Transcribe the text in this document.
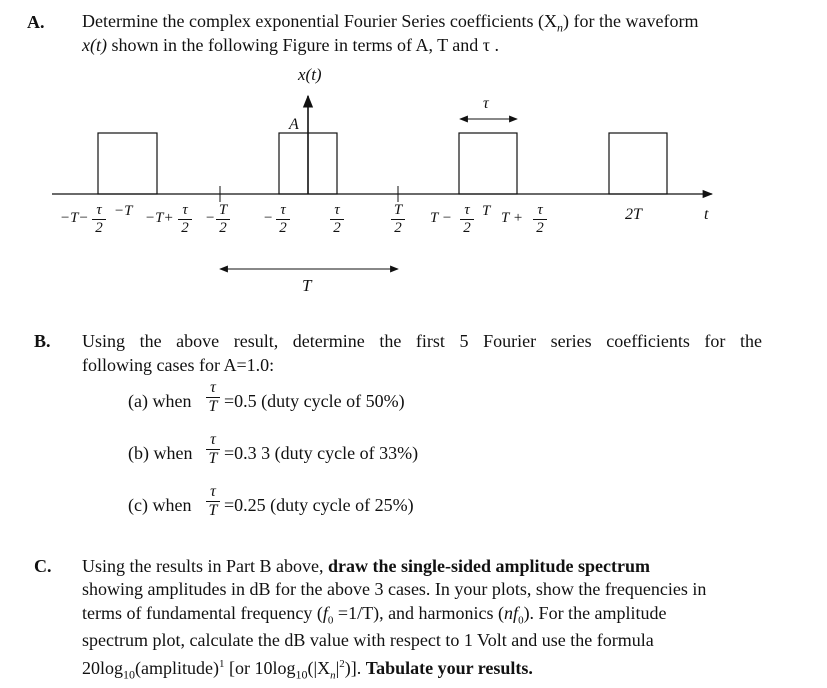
A. Determine the complex exponential Fourier Series coefficients $(X_n)$ for the waveform
x(t) shown in the following Figure in terms of A, T and τ .
x(t)
A
τ
T
t
2T
−T− τ
2
−T −T+ τ
2
− T
2
− τ
2
τ
2
T
2
T − τ
2
T T + τ
2
B. Using the above result, determine the first 5 Fourier series coefficients for the
following cases for A=1.0:
(a) when
τ
T =0.5 (duty cycle of 50%)
(b) when
τ
T =0.3 3 (duty cycle of 33%)
(c) when
τ
T =0.25 (duty cycle of 25%)
C. Using the results in Part B above, draw the single-sided amplitude spectrum
showing amplitudes in dB for the above 3 cases. In your plots, show the frequencies in
terms of fundamental frequency $(f_0 =1/T)$, and harmonics $(nf_0)$. For the amplitude
spectrum plot, calculate the dB value with respect to 1 Volt and use the formula
$20\log_{10}(amplitude)^1$ [or $10\log_{10}(|X_n|^2)$]. Tabulate your results.
